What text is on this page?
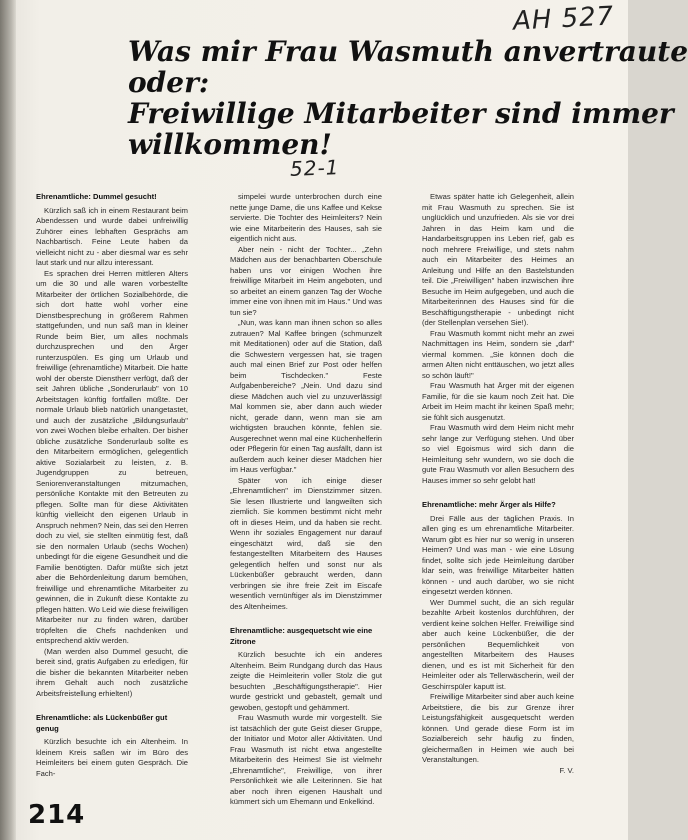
AH 527
Was mir Frau Wasmuth anvertraute
oder:
Freiwillige Mitarbeiter sind immer
willkommen!
52-1
Ehrenamtliche: Dummel gesucht!

Kürzlich saß ich in einem Restaurant beim Abendessen und wurde dabei unfreiwillig Zuhörer eines lebhaften Gesprächs am Nachbartisch. Feine Leute haben da vielleicht nicht zu - aber diesmal war es sehr laut stark und nur allzu interessant.

Es sprachen drei Herren mittleren Alters um die 30 und alle waren vorbestellte Mitarbeiter der örtlichen Sozialbehörde, die sich dort hatte wohl vorher eine Dienstbesprechung in größerem Rahmen stattgefunden, und nun saß man in kleiner Runde beim Bier, um alles nochmals durchzusprechen und den Ärger runterzuspülen. Es ging um Urlaub und freiwillige (ehrenamtliche) Mitarbeit. Die hatte wohl der oberste Dienstherr verfügt, daß der seit Jahren übliche „Sonderurlaub" von 10 Arbeitstagen künftig fortfallen müßte. Der normale Urlaub blieb natürlich unangetastet, und auch der zusätzliche „Bildungsurlaub" von zwei Wochen bleibe erhalten. Der bisher übliche zusätzliche Sonderurlaub sollte es den Mitarbeitern ermöglichen, gelegentlich aktive Sozialarbeit zu leisten, z. B. Jugendgruppen zu betreuen, Seniorenveranstaltungen mitzumachen, persönliche Kontakte mit den Betreuten zu pflegen. Sollte man für diese Aktivitäten künftig vielleicht den eigenen Urlaub in Anspruch nehmen? Nein, das sei den Herren doch zu viel, sie stellten einmütig fest, daß sie den normalen Urlaub (sechs Wochen) unbedingt für die eigene Gesundheit und die Familie benötigten. Dafür müßte sich jetzt aber die Behördenleitung darum bemühen, freiwillige und ehrenamtliche Mitarbeiter zu gewinnen, die in Zukunft diese Kontakte zu pflegen hätten. Wo Leid wie diese freiwilligen Mitarbeiter nur zu finden wären, darüber tröpfelten die Chefs nachdenken und entsprechend aktiv werden.

(Man werden also Dummel gesucht, die bereit sind, gratis Aufgaben zu erledigen, für die bisher die bekannten Mitarbeiter neben ihrem Gehalt auch noch zusätzliche Arbeitsfreistellung erhielten!)

Ehrenamtliche: als Lückenbüßer gut genug

Kürzlich besuchte ich ein Altenheim. In kleinem Kreis saßen wir im Büro des Heimleiters bei einem guten Gespräch. Die Fach-

simpelei wurde unterbrochen durch eine nette junge Dame, die uns Kaffee und Kekse servierte. Die Tochter des Heimleiters? Nein wie eine Mitarbeiterin des Hauses, sah sie eigentlich nicht aus.

Aber nein - nicht der Tochter... „Zehn Mädchen aus der benachbarten Oberschule haben uns vor einigen Wochen ihre freiwillige Mitarbeit im Heim angeboten, und so arbeitet an einem ganzen Tag der Woche immer eine von ihnen mit im Haus." Und was tun sie?

„Nun, was kann man ihnen schon so alles zutrauen? Mal Kaffee bringen (schmunzelt mit Meditationen) oder auf die Station, daß die Schwestern vergessen hat, sie tragen auch mal einen Brief zur Post oder helfen beim Tischdecken." Feste Aufgabenbereiche? „Nein. Und dazu sind diese Mädchen auch viel zu unzuverlässig! Mal kommen sie, aber dann auch wieder nicht, gerade dann, wenn man sie am wichtigsten brauchen könnte, fehlen sie. Ausgerechnet wenn mal eine Küchenhelferin oder Pflegerin für einen Tag ausfällt, dann ist außerdem auch keiner dieser Mädchen hier im Haus verfügbar."

Später von ich einige dieser „Ehrenamtlichen" im Dienstzimmer sitzen. Sie lesen Illustrierte und langweilten sich ziemlich. Sie kommen bestimmt nicht mehr oft in dieses Heim, und da haben sie recht. Wenn ihr soziales Engagement nur darauf eingeschätzt wird, daß sie den festangestellten Mitarbeitern des Hauses gelegentlich helfen und sonst nur als Lückenbüßer gebraucht werden, dann verbringen sie ihre freie Zeit im Eiscafe wesentlich vernünftiger als im Dienstzimmer des Altenheimes.

Ehrenamtliche: ausgequetscht wie eine Zitrone

Kürzlich besuchte ich ein anderes Altenheim. Beim Rundgang durch das Haus zeigte die Heimleiterin voller Stolz die gut besuchten „Beschäftigungstherapie". Hier wurde gestrickt und gebastelt, gemalt und gewoben, gestopft und gehämmert.

Frau Wasmuth wurde mir vorgestellt. Sie ist tatsächlich der gute Geist dieser Gruppe, der Initiator und Motor aller Aktivitäten. Und Frau Wasmuth ist nicht etwa angestellte Mitarbeiterin des Heimes! Sie ist vielmehr „Ehrenamtliche", Freiwillige, von ihrer Persönlichkeit wie alle Leiterinnen. Sie hat aber noch ihren eigenen Haushalt und kümmert sich um Ehemann und Enkelkind.

Etwas später hatte ich Gelegenheit, allein mit Frau Wasmuth zu sprechen. Sie ist unglücklich und unzufrieden. Als sie vor drei Jahren in das Heim kam und die Handarbeitsgruppen ins Leben rief, gab es noch mehrere Freiwillige, und stets nahm auch ein Mitarbeiter des Heimes an Anleitung und Hilfe an den Bastelstunden teil. Die „Freiwilligen" haben inzwischen ihre Besuche im Heim aufgegeben, und auch die Mitarbeiterinnen des Hauses sind für die Beschäftigungstherapie - unbedingt nicht (der Stellenplan versehen Sie!).

Frau Wasmuth kommt nicht mehr an zwei Nachmittagen ins Heim, sondern sie „darf" viermal kommen. „Sie können doch die armen Alten nicht enttäuschen, wo jetzt alles so schön läuft!"

Frau Wasmuth hat Ärger mit der eigenen Familie, für die sie kaum noch Zeit hat. Die Arbeit im Heim macht ihr keinen Spaß mehr; sie fühlt sich ausgenutzt.

Frau Wasmuth wird dem Heim nicht mehr sehr lange zur Verfügung stehen. Und über so viel Egoismus wird sich dann die Heimleitung sehr wundern, wo sie doch die gute Frau Wasmuth vor allen Besuchern des Hauses immer so sehr gelobt hat!

Ehrenamtliche: mehr Ärger als Hilfe?

Drei Fälle aus der täglichen Praxis. In allen ging es um ehrenamtliche Mitarbeiter. Warum gibt es hier nur so wenig in unseren Heimen? Und was man - wie eine Lösung findet, sollte sich jede Heimleitung darüber klar sein, was freiwillige Mitarbeiter hätten können - und auch darüber, wo sie nicht eingesetzt werden können.

Wer Dummel sucht, die an sich regulär bezahlte Arbeit kostenlos durchführen, der verdient keine solchen Helfer. Freiwillige sind aber auch keine Lückenbüßer, die der persönlichen Bequemlichkeit von angestellten Mitarbeitern des Hauses dienen, und es ist mit Sicherheit für den Heimleiter oder als Tellerwäscherin, weil der Geschirrspüler kaputt ist.

Freiwillige Mitarbeiter sind aber auch keine Arbeitstiere, die bis zur Grenze ihrer Leistungsfähigkeit ausgequetscht werden können. Und gerade diese Form ist im Sozialbereich sehr häufig zu finden, gleichermaßen in Heimen wie auch bei Veranstaltungen.

F. V.

214
